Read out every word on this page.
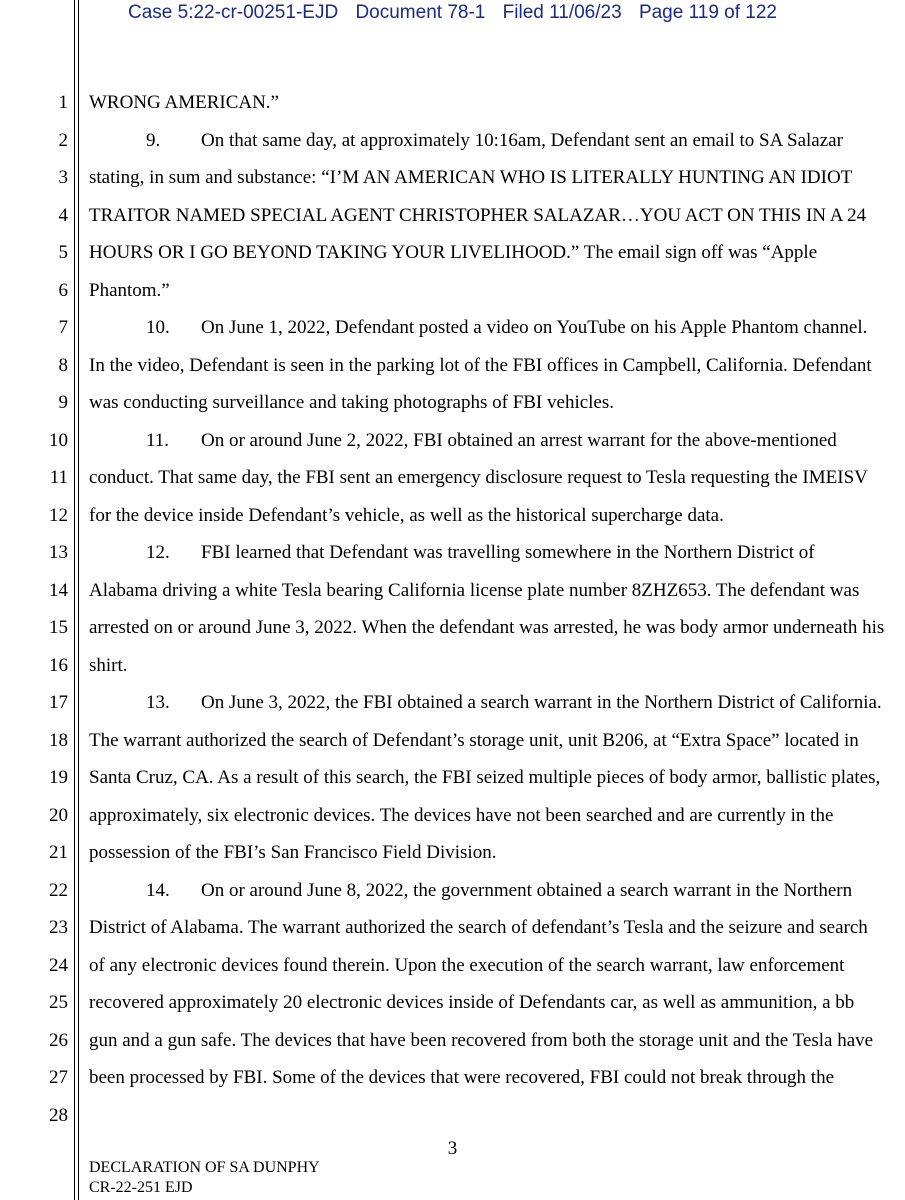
Case 5:22-cr-00251-EJD Document 78-1 Filed 11/06/23 Page 119 of 122
1
2
3
4
5
6
7
8
9
10
11
12
13
14
15
16
17
18
19
20
21
22
23
24
25
26
27
28
WRONG AMERICAN.”
9. On that same day, at approximately 10:16am, Defendant sent an email to SA Salazar
stating, in sum and substance: “I’M AN AMERICAN WHO IS LITERALLY HUNTING AN IDIOT
TRAITOR NAMED SPECIAL AGENT CHRISTOPHER SALAZAR…YOU ACT ON THIS IN A 24
HOURS OR I GO BEYOND TAKING YOUR LIVELIHOOD.” The email sign off was “Apple
Phantom.”
10. On June 1, 2022, Defendant posted a video on YouTube on his Apple Phantom channel.
In the video, Defendant is seen in the parking lot of the FBI offices in Campbell, California. Defendant
was conducting surveillance and taking photographs of FBI vehicles.
11. On or around June 2, 2022, FBI obtained an arrest warrant for the above-mentioned
conduct. That same day, the FBI sent an emergency disclosure request to Tesla requesting the IMEISV
for the device inside Defendant’s vehicle, as well as the historical supercharge data.
12. FBI learned that Defendant was travelling somewhere in the Northern District of
Alabama driving a white Tesla bearing California license plate number 8ZHZ653. The defendant was
arrested on or around June 3, 2022. When the defendant was arrested, he was body armor underneath his
shirt.
13. On June 3, 2022, the FBI obtained a search warrant in the Northern District of California.
The warrant authorized the search of Defendant’s storage unit, unit B206, at “Extra Space” located in
Santa Cruz, CA. As a result of this search, the FBI seized multiple pieces of body armor, ballistic plates,
approximately, six electronic devices. The devices have not been searched and are currently in the
possession of the FBI’s San Francisco Field Division.
14. On or around June 8, 2022, the government obtained a search warrant in the Northern
District of Alabama. The warrant authorized the search of defendant’s Tesla and the seizure and search
of any electronic devices found therein. Upon the execution of the search warrant, law enforcement
recovered approximately 20 electronic devices inside of Defendants car, as well as ammunition, a bb
gun and a gun safe. The devices that have been recovered from both the storage unit and the Tesla have
been processed by FBI. Some of the devices that were recovered, FBI could not break through the
3
DECLARATION OF SA DUNPHY
CR-22-251 EJD
